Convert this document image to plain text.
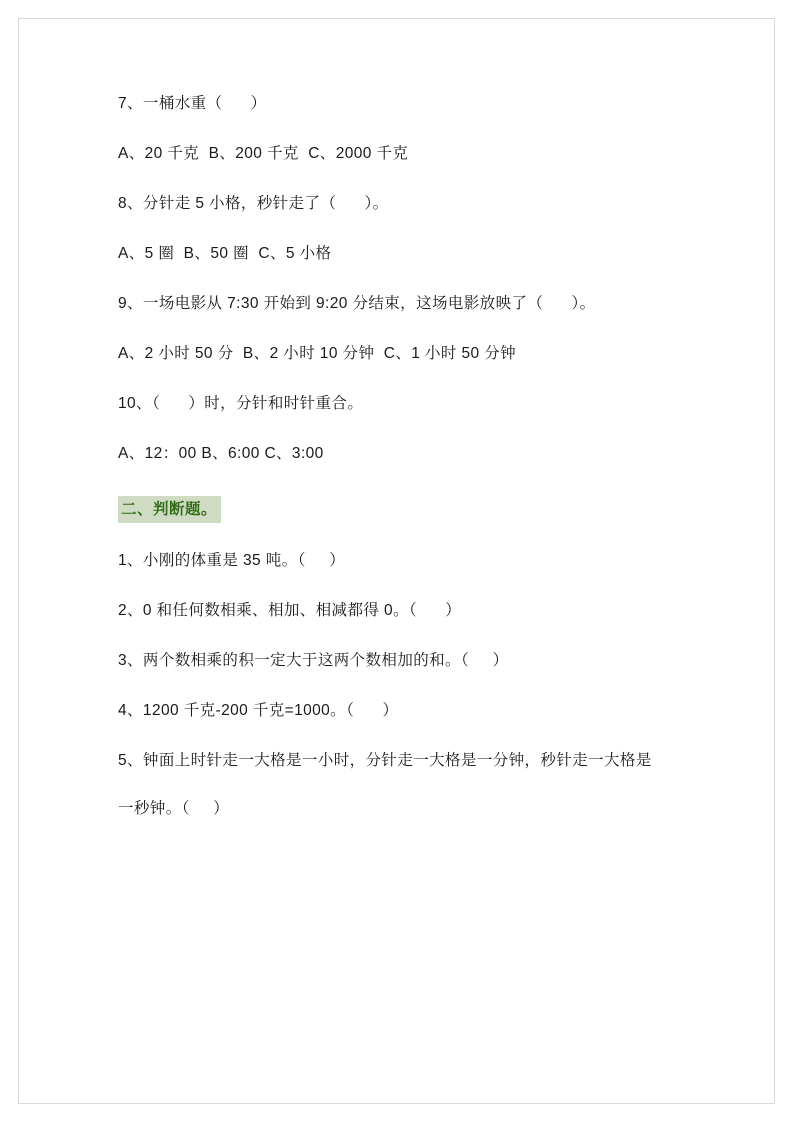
7、一桶水重（      ）

A、20 千克  B、200 千克  C、2000 千克

8、分针走 5 小格，秒针走了（      ）。

A、5 圈  B、50 圈  C、5 小格

9、一场电影从 7:30 开始到 9:20 分结束，这场电影放映了（      ）。

A、2 小时 50 分  B、2 小时 10 分钟  C、1 小时 50 分钟

10、（      ）时，分针和时针重合。

A、12：00 B、6:00 C、3:00

二、判断题。

1、小刚的体重是 35 吨。（     ）

2、0 和任何数相乘、相加、相减都得 0。（      ）

3、两个数相乘的积一定大于这两个数相加的和。（     ）

4、1200 千克-200 千克=1000。（      ）

5、钟面上时针走一大格是一小时，分针走一大格是一分钟，秒针走一大格是

一秒钟。（     ）
